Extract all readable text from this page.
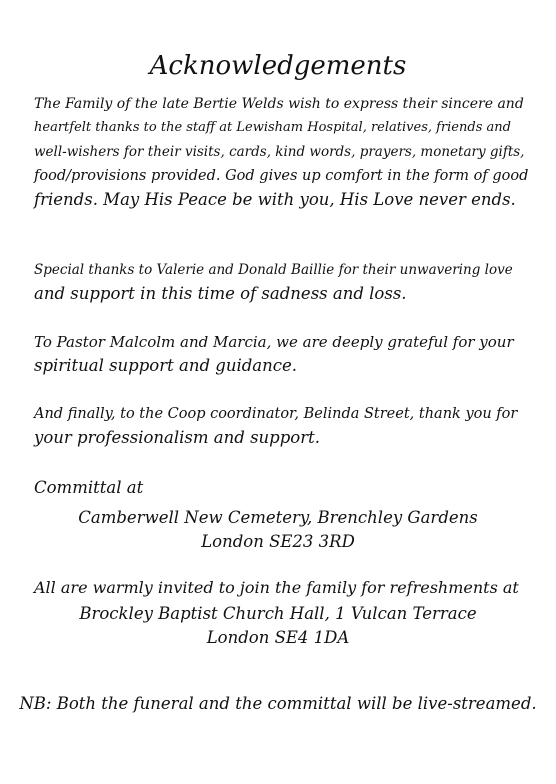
Acknowledgements
The Family of the late Bertie Welds wish to express their sincere and
heartfelt thanks to the staff at Lewisham Hospital, relatives, friends and
well-wishers for their visits, cards, kind words, prayers, monetary gifts,
food/provisions provided. God gives up comfort in the form of good
friends. May His Peace be with you, His Love never ends.
Special thanks to Valerie and Donald Baillie for their unwavering love
and support in this time of sadness and loss.
To Pastor Malcolm and Marcia, we are deeply grateful for your
spiritual support and guidance.
And finally, to the Coop coordinator, Belinda Street, thank you for
your professionalism and support.
Committal at
Camberwell New Cemetery, Brenchley Gardens
London SE23 3RD
All are warmly invited to join the family for refreshments at
Brockley Baptist Church Hall, 1 Vulcan Terrace
London SE4 1DA
NB: Both the funeral and the committal will be live-streamed.
